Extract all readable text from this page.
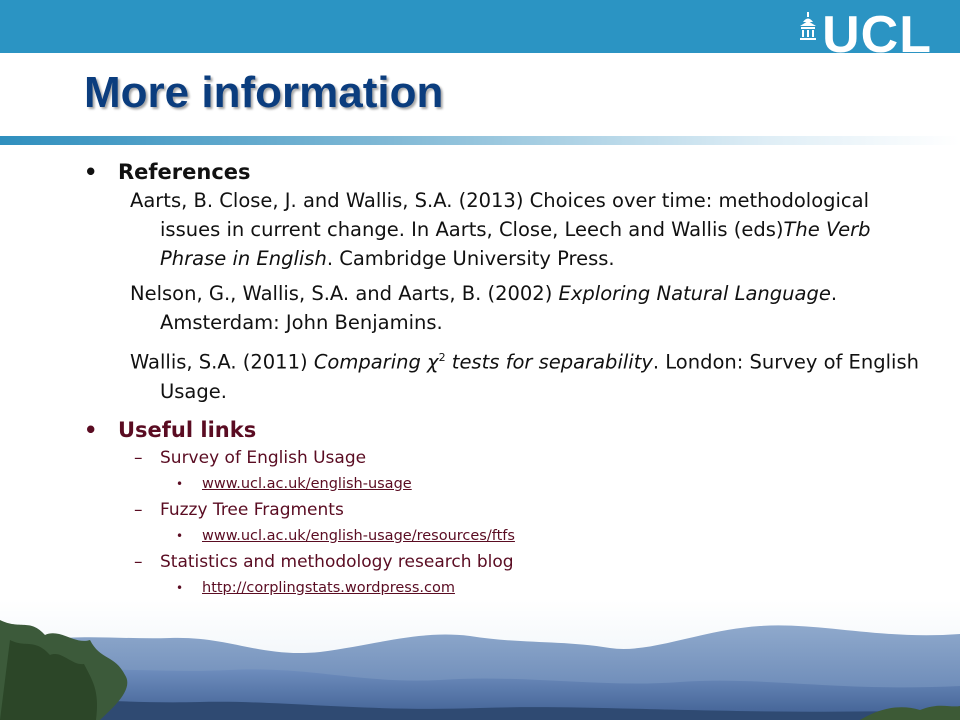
UCL
More information
• References
Aarts, B. Close, J. and Wallis, S.A. (2013) Choices over time: methodological issues in current change. In Aarts, Close, Leech and Wallis (eds)The Verb Phrase in English. Cambridge University Press.
Nelson, G., Wallis, S.A. and Aarts, B. (2002) Exploring Natural Language. Amsterdam: John Benjamins.
Wallis, S.A. (2011) Comparing $\chi^2$ tests for separability. London: Survey of English Usage.
• Useful links
–	Survey of English Usage
•	www.ucl.ac.uk/english-usage
–	Fuzzy Tree Fragments
•	www.ucl.ac.uk/english-usage/resources/ftfs
–	Statistics and methodology research blog
•	http://corplingstats.wordpress.com
